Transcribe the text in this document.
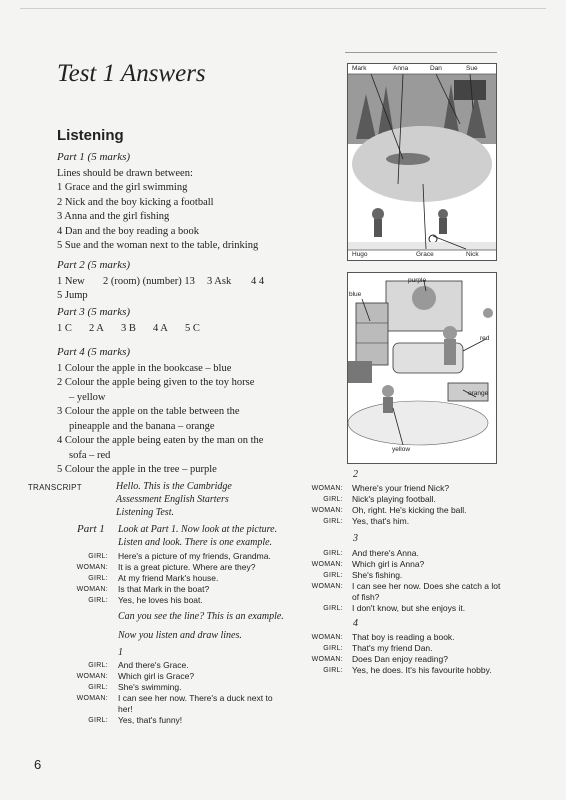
Test 1 Answers
Listening

Part 1 (5 marks)

Lines should be drawn between:

1 Grace and the girl swimming

2 Nick and the boy kicking a football

3 Anna and the girl fishing

4 Dan and the boy reading a book

5 Sue and the woman next to the table, drinking

Part 2 (5 marks)

1 New 2 (room) (number) 13 3 Ask 4 4

5 Jump

Part 3 (5 marks)

1 C 2 A 3 B 4 A 5 C

Part 4 (5 marks)

1 Colour the apple in the bookcase – blue

2 Colour the apple being given to the toy horse

– yellow

3 Colour the apple on the table between the

pineapple and the banana – orange

4 Colour the apple being eaten by the man on the

sofa – red

5 Colour the apple in the tree – purple

Mark	Anna	Dan	Sue
Hugo	Grace	Nick
purple
blue
red
orange
yellow
TRANSCRIPT	Hello. This is the Cambridge
Assessment English Starters
Listening Test.
Part 1 Look at Part 1. Now look at the picture.
Listen and look. There is one example.
GIRL: Here's a picture of my friends, Grandma.
WOMAN: It is a great picture. Where are they?
GIRL: At my friend Mark's house.
WOMAN: Is that Mark in the boat?
GIRL: Yes, he loves his boat.
Can you see the line? This is an example.
Now you listen and draw lines.
1
GIRL: And there's Grace.
WOMAN: Which girl is Grace?
GIRL: She's swimming.
WOMAN: I can see her now. There's a duck next to
her!
GIRL: Yes, that's funny!
2
WOMAN: Where's your friend Nick?
GIRL: Nick's playing football.
WOMAN: Oh, right. He's kicking the ball.
GIRL: Yes, that's him.
3
GIRL: And there's Anna.
WOMAN: Which girl is Anna?
GIRL: She's fishing.
WOMAN: I can see her now. Does she catch a lot
of fish?
GIRL: I don't know, but she enjoys it.
4
WOMAN: That boy is reading a book.
GIRL: That's my friend Dan.
WOMAN: Does Dan enjoy reading?
GIRL: Yes, he does. It's his favourite hobby.
6
